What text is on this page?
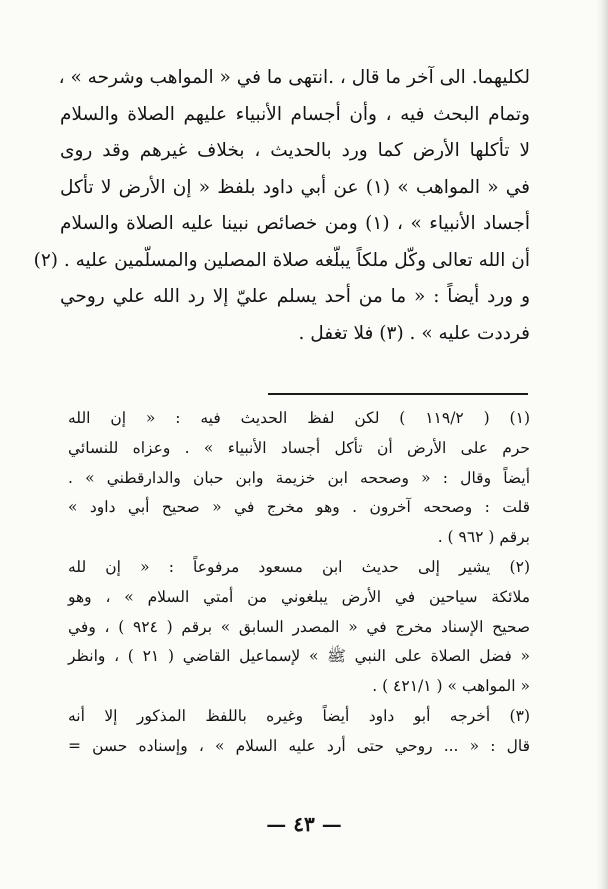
لكليهما. الى آخر ما قال ، .انتهى ما في « المواهب وشرحه » ،
وتمام البحث فيه ، وأن أجسام الأنبياء عليهم الصلاة والسلام
لا تأكلها الأرض كما ورد بالحديث ، بخلاف غيرهم وقد روى
في « المواهب » (١) عن أبي داود بلفظ « إن الأرض لا تأكل
أجساد الأنبياء » ، (١) ومن خصائص نبينا عليه الصلاة والسلام
أن الله تعالى وكّل ملكاً يبلّغه صلاة المصلين والمسلّمين عليه . (٢)
و ورد أيضاً : « ما من أحد يسلم عليّ إلا رد الله علي روحي
فرددت عليه » . (٣) فلا تغفل .
(١) ( ١١٩/٢ ) لكن لفظ الحديث فيه : « إن الله
حرم على الأرض أن تأكل أجساد الأنبياء » . وعزاه للنسائي
أيضاً وقال : « وصححه ابن خزيمة وابن حبان والدارقطني » .
قلت : وصححه آخرون . وهو مخرج في « صحيح أبي داود »
برقم ( ٩٦٢ ) .
(٢) يشير إلى حديث ابن مسعود مرفوعاً : « إن لله
ملائكة سياحين في الأرض يبلغوني من أمتي السلام » ، وهو
صحيح الإسناد مخرج في « المصدر السابق » برقم ( ٩٢٤ ) ، وفي
« فضل الصلاة على النبي ﷺ » لإسماعيل القاضي ( ٢١ ) ، وانظر
« المواهب » ( ٤٢١/١ ) .
(٣) أخرجه أبو داود أيضاً وغيره باللفظ المذكور إلا أنه
قال : « ... روحي حتى أرد عليه السلام » ، وإسناده حسن =
— ٤٣ —
